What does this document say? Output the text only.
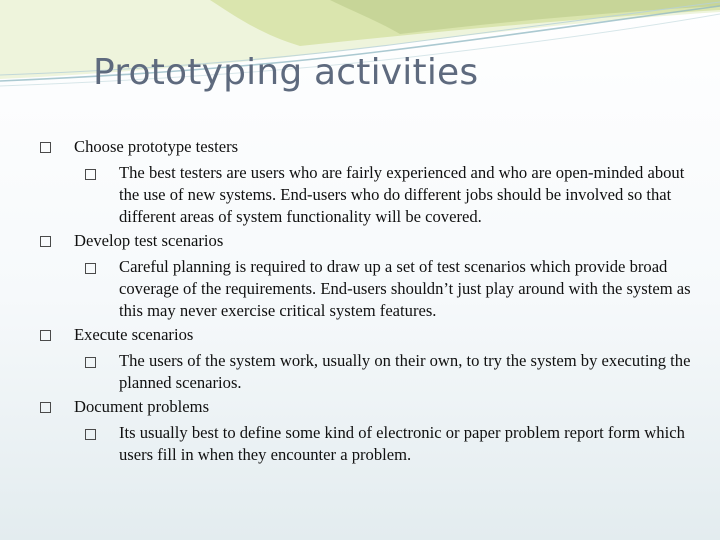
Prototyping activities
Choose prototype testers
The best testers are users who are fairly experienced and who are open-minded about the use of new systems. End-users who do different jobs should be involved so that different areas of system functionality will be covered.
Develop test scenarios
Careful planning is required to draw up a set of test scenarios which provide broad coverage of the requirements. End-users shouldn’t just play around with the system as this may never exercise critical system features.
Execute scenarios
The users of the system work, usually on their own, to try the system by executing the planned scenarios.
Document problems
Its usually best to define some kind of electronic or paper problem report form which users fill in when they encounter a problem.
